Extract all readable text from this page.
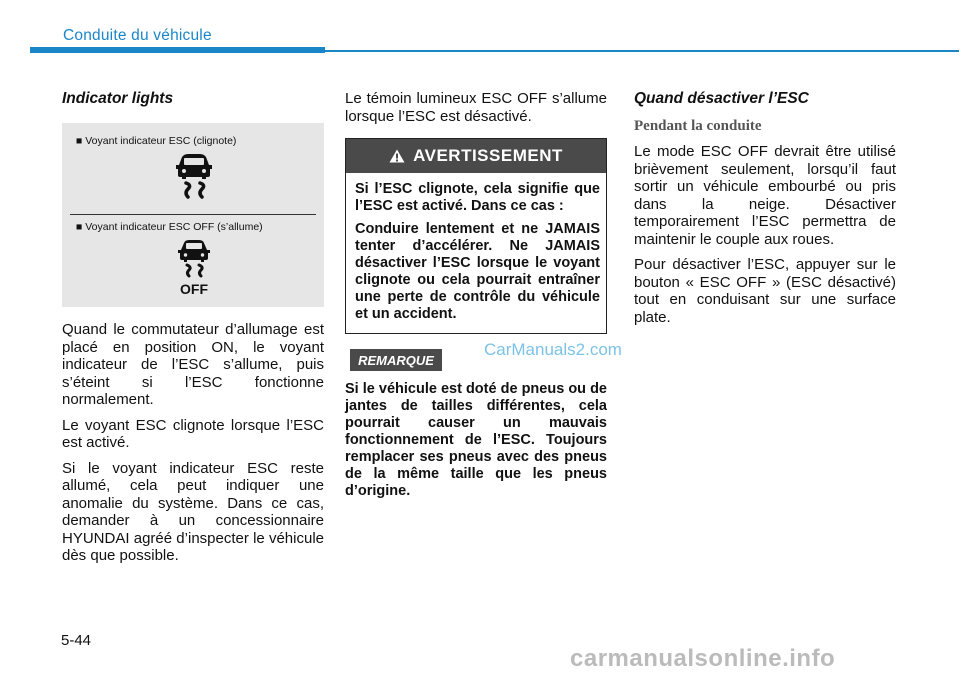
Conduite du véhicule
Indicator lights
■ Voyant indicateur ESC (clignote)
■ Voyant indicateur ESC OFF (s’allume)
OFF

Quand le commutateur d’allumage est placé en position ON, le voyant indicateur de l’ESC s’allume, puis s’éteint si l’ESC fonctionne normalement.

Le voyant ESC clignote lorsque l’ESC est activé.

Si le voyant indicateur ESC reste allumé, cela peut indiquer une anomalie du système. Dans ce cas, demander à un concessionnaire HYUNDAI agréé d’inspecter le véhicule dès que possible.

Le témoin lumineux ESC OFF s’allume lorsque l’ESC est désactivé.

AVERTISSEMENT

Si l’ESC clignote, cela signifie que l’ESC est activé. Dans ce cas :

Conduire lentement et ne JAMAIS tenter d’accélérer. Ne JAMAIS désactiver l’ESC lorsque le voyant clignote ou cela pourrait entraîner une perte de contrôle du véhicule et un accident.

REMARQUE
CarManuals2.com

Si le véhicule est doté de pneus ou de jantes de tailles différentes, cela pourrait causer un mauvais fonctionnement de l’ESC. Toujours remplacer ses pneus avec des pneus de la même taille que les pneus d’origine.

Quand désactiver l’ESC
Pendant la conduite

Le mode ESC OFF devrait être utilisé brièvement seulement, lorsqu’il faut sortir un véhicule embourbé ou pris dans la neige. Désactiver temporairement l’ESC permettra de maintenir le couple aux roues.

Pour désactiver l’ESC, appuyer sur le bouton « ESC OFF » (ESC désactivé) tout en conduisant sur une surface plate.

5-44
carmanualsonline.info
